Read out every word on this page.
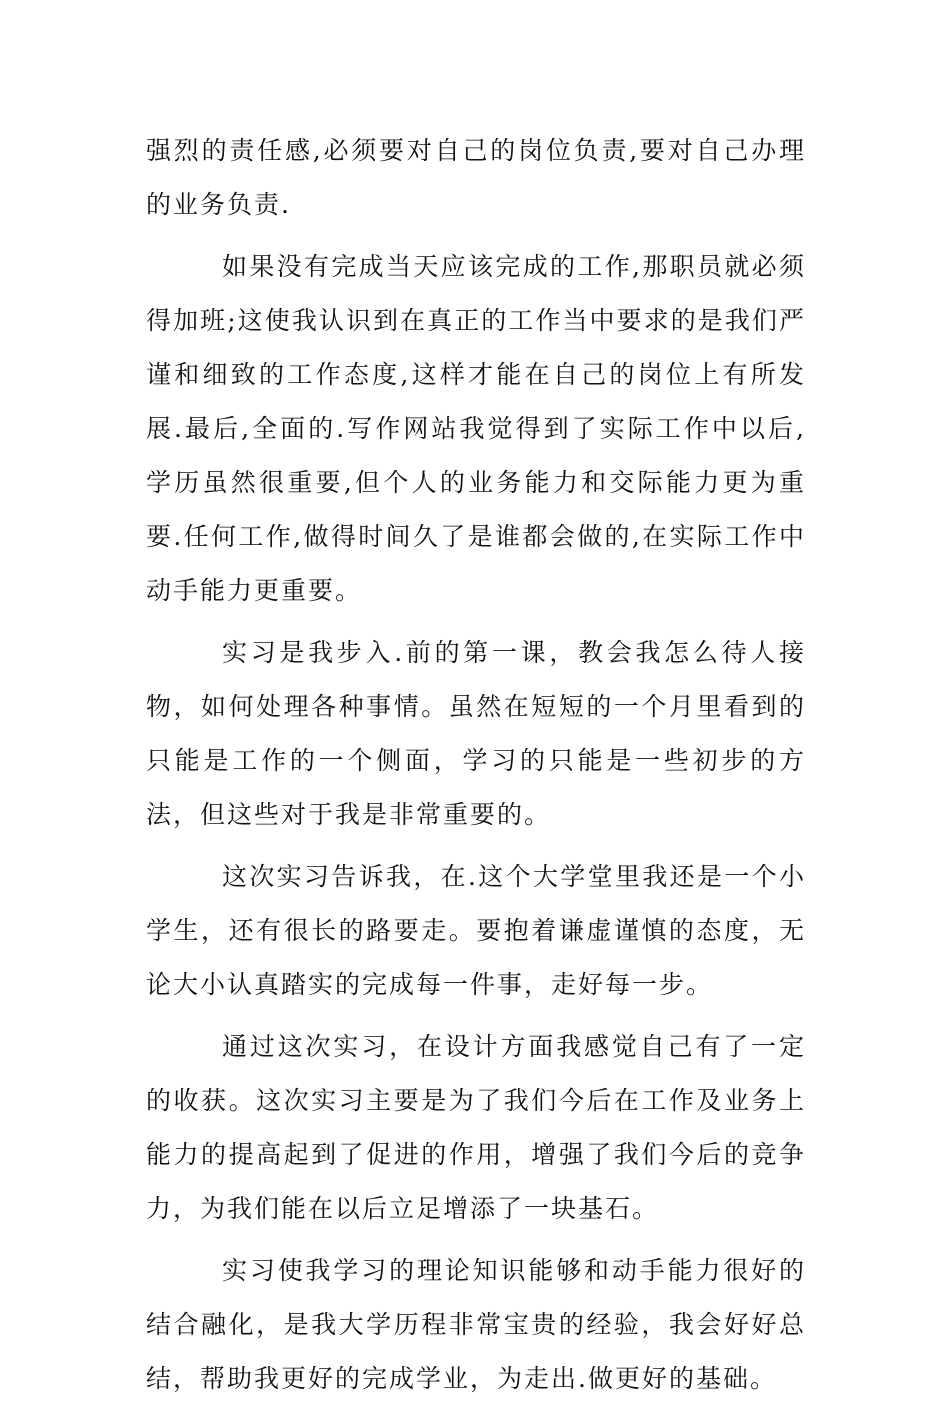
强烈的责任感,必须要对自己的岗位负责,要对自己办理的业务负责.

如果没有完成当天应该完成的工作,那职员就必须得加班;这使我认识到在真正的工作当中要求的是我们严谨和细致的工作态度,这样才能在自己的岗位上有所发展.最后,全面的.写作网站我觉得到了实际工作中以后,学历虽然很重要,但个人的业务能力和交际能力更为重要.任何工作,做得时间久了是谁都会做的,在实际工作中动手能力更重要。

实习是我步入.前的第一课，教会我怎么待人接物，如何处理各种事情。虽然在短短的一个月里看到的只能是工作的一个侧面，学习的只能是一些初步的方法，但这些对于我是非常重要的。

这次实习告诉我，在.这个大学堂里我还是一个小学生，还有很长的路要走。要抱着谦虚谨慎的态度，无论大小认真踏实的完成每一件事，走好每一步。

通过这次实习，在设计方面我感觉自己有了一定的收获。这次实习主要是为了我们今后在工作及业务上能力的提高起到了促进的作用，增强了我们今后的竞争力，为我们能在以后立足增添了一块基石。

实习使我学习的理论知识能够和动手能力很好的结合融化，是我大学历程非常宝贵的经验，我会好好总结，帮助我更好的完成学业，为走出.做更好的基础。
